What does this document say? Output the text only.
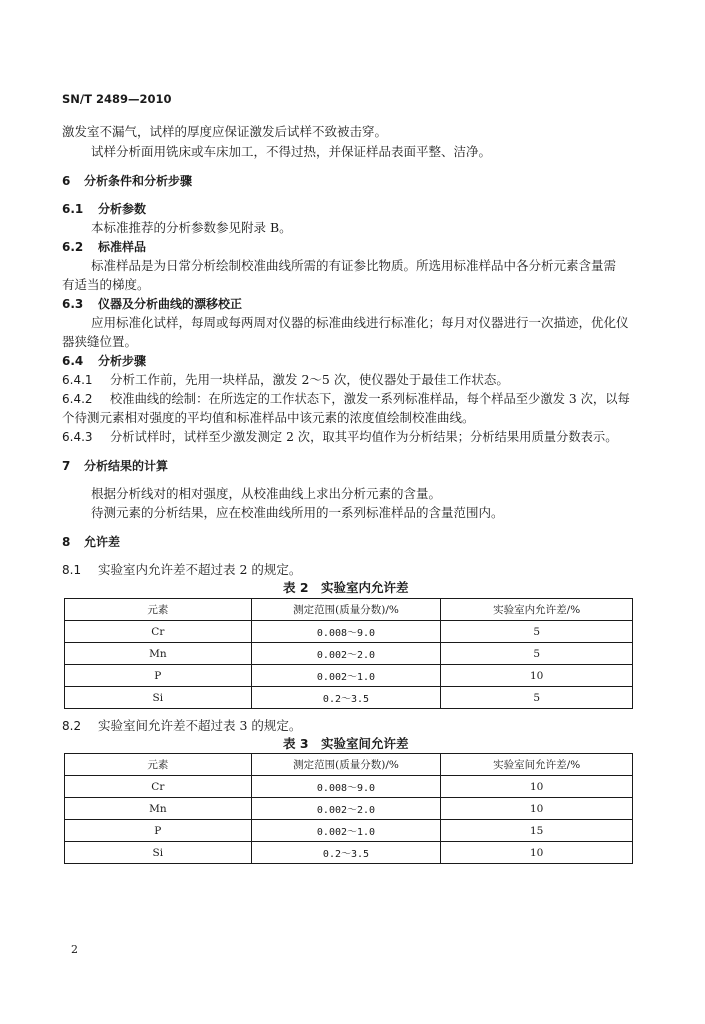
SN/T 2489—2010
激发室不漏气，试样的厚度应保证激发后试样不致被击穿。
试样分析面用铣床或车床加工，不得过热，并保证样品表面平整、洁净。
6 分析条件和分析步骤
6.1 分析参数
本标准推荐的分析参数参见附录 B。
6.2 标准样品
标准样品是为日常分析绘制校准曲线所需的有证参比物质。所选用标准样品中各分析元素含量需
有适当的梯度。
6.3 仪器及分析曲线的漂移校正
应用标准化试样，每周或每两周对仪器的标准曲线进行标准化；每月对仪器进行一次描迹，优化仪
器狭缝位置。
6.4 分析步骤
6.4.1 分析工作前，先用一块样品，激发 2～5 次，使仪器处于最佳工作状态。
6.4.2 校准曲线的绘制：在所选定的工作状态下，激发一系列标准样品，每个样品至少激发 3 次，以每
个待测元素相对强度的平均值和标准样品中该元素的浓度值绘制校准曲线。
6.4.3 分析试样时，试样至少激发测定 2 次，取其平均值作为分析结果；分析结果用质量分数表示。
7 分析结果的计算
根据分析线对的相对强度，从校准曲线上求出分析元素的含量。
待测元素的分析结果，应在校准曲线所用的一系列标准样品的含量范围内。
8 允许差
8.1 实验室内允许差不超过表 2 的规定。
表 2　实验室内允许差
元素	测定范围(质量分数)/%	实验室内允许差/%
Cr	0.008～9.0	5
Mn	0.002～2.0	5
P	0.002～1.0	10
Si	0.2～3.5	5
8.2 实验室间允许差不超过表 3 的规定。
表 3　实验室间允许差
元素	测定范围(质量分数)/%	实验室间允许差/%
Cr	0.008～9.0	10
Mn	0.002～2.0	10
P	0.002～1.0	15
Si	0.2～3.5	10
2
